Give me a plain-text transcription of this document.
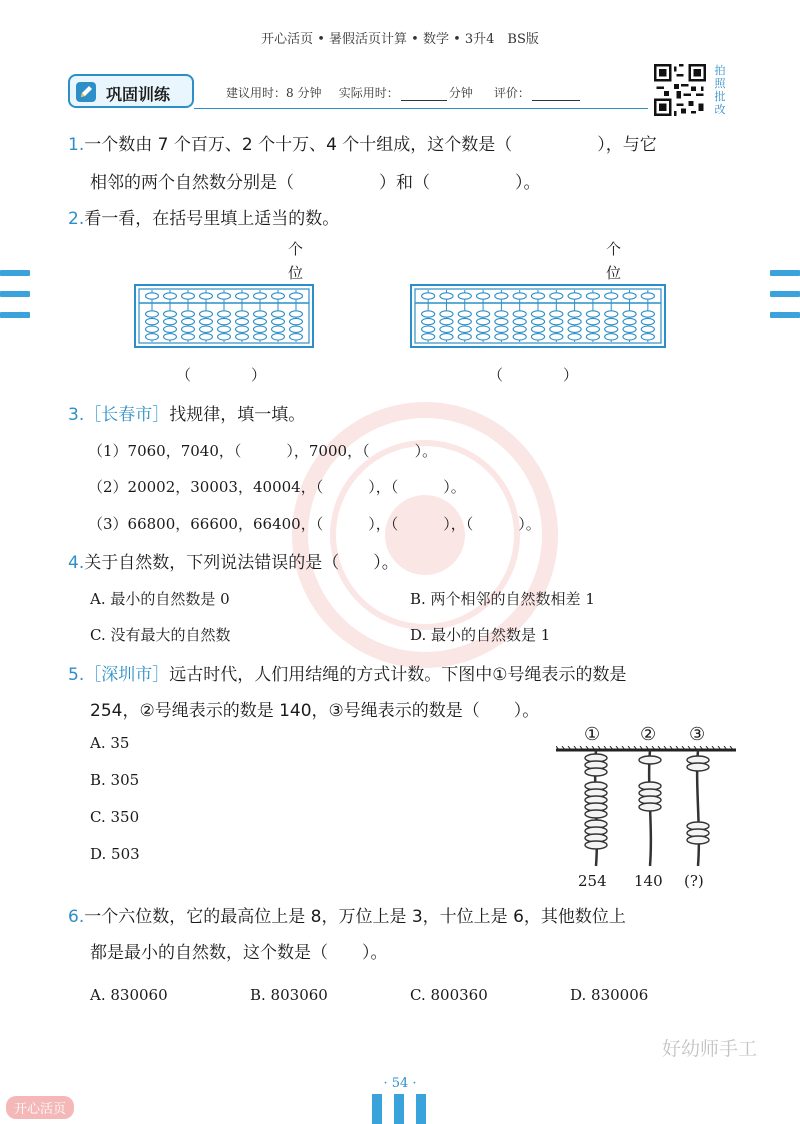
开心活页 • 暑假活页计算 • 数学 • 3升4　BS版
巩固训练	建议用时：8 分钟 实际用时：	分钟 评价：
拍照批改
1.一个数由 7 个百万、2 个十万、4 个十组成，这个数是（　　　　　），与它
相邻的两个自然数分别是（　　　　　）和（　　　　　）。
2.看一看，在括号里填上适当的数。
个
位
个
位
（　　　　）	（　　　　）
3.［长春市］找规律，填一填。
（1）7060，7040，（　　　），7000，（　　　）。
（2）20002，30003，40004，（　　　），（　　　）。
（3）66800，66600，66400，（　　　），（　　　），（　　　）。
4.关于自然数，下列说法错误的是（　　）。
A. 最小的自然数是 0	B. 两个相邻的自然数相差 1
C. 没有最大的自然数	D. 最小的自然数是 1
5.［深圳市］远古时代，人们用结绳的方式计数。下图中①号绳表示的数是
254，②号绳表示的数是 140，③号绳表示的数是（　　）。
A. 35
B. 305
C. 350
D. 503
① ② ③
254 140 (?)
6.一个六位数，它的最高位上是 8，万位上是 3，十位上是 6，其他数位上
都是最小的自然数，这个数是（　　）。
A. 830060	B. 803060	C. 800360	D. 830006
好幼师手工
· 54 ·
开心活页
